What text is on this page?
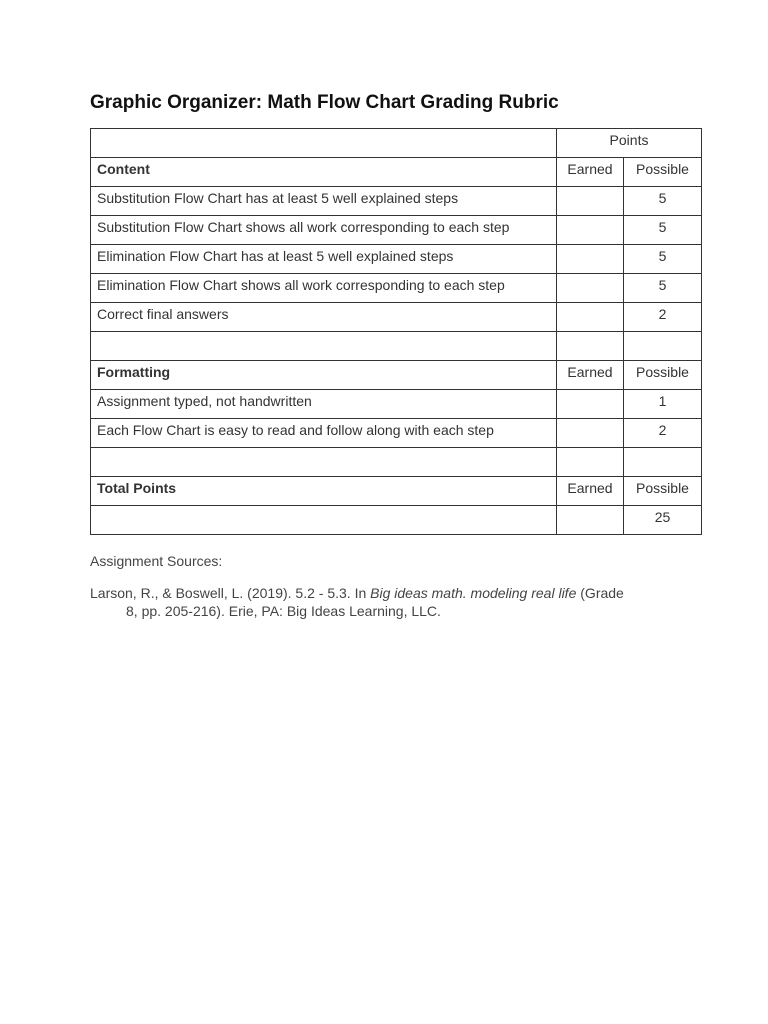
Graphic Organizer: Math Flow Chart Grading Rubric
	Points	
Content	Earned	Possible
Substitution Flow Chart has at least 5 well explained steps		5
Substitution Flow Chart shows all work corresponding to each step		5
Elimination Flow Chart has at least 5 well explained steps		5
Elimination Flow Chart shows all work corresponding to each step		5
Correct final answers		2

Formatting	Earned	Possible
Assignment typed, not handwritten		1
Each Flow Chart is easy to read and follow along with each step		2

Total Points	Earned	Possible
		25

Assignment Sources:

Larson, R., & Boswell, L. (2019). 5.2 - 5.3. In Big ideas math. modeling real life (Grade
8, pp. 205-216). Erie, PA: Big Ideas Learning, LLC.
